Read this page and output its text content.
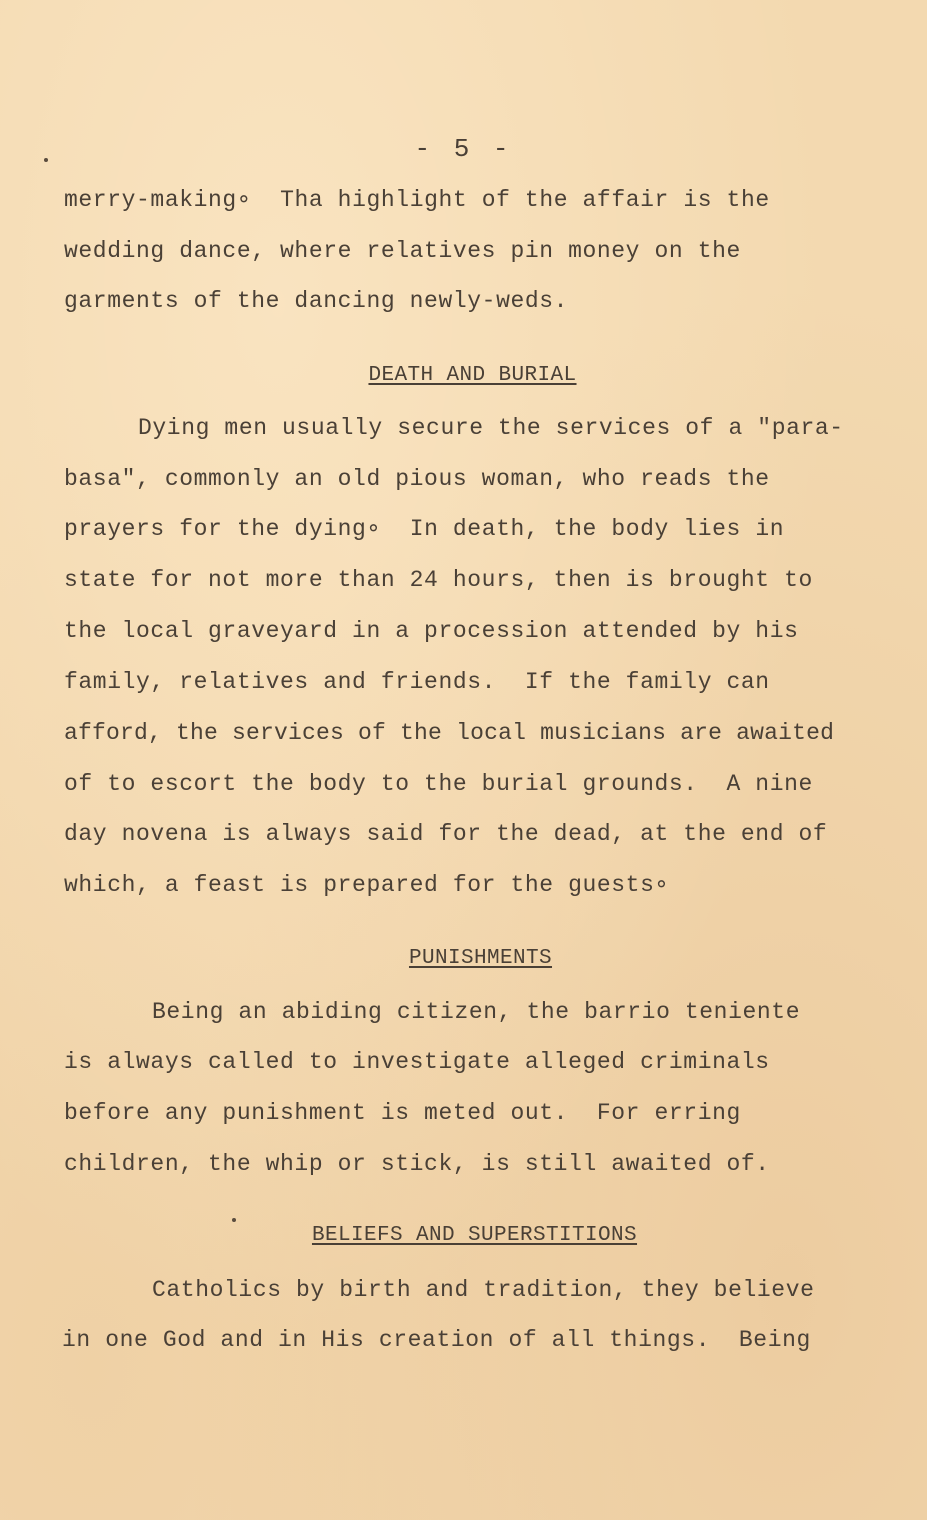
- 5 -
merry-making∘  Tha highlight of the affair is the
wedding dance, where relatives pin money on the
garments of the dancing newly-weds.
DEATH AND BURIAL
Dying men usually secure the services of a "para-
basa", commonly an old pious woman, who reads the
prayers for the dying∘  In death, the body lies in
state for not more than 24 hours, then is brought to
the local graveyard in a procession attended by his
family, relatives and friends.  If the family can
afford, the services of the local musicians are awaited
of to escort the body to the burial grounds.  A nine
day novena is always said for the dead, at the end of
which, a feast is prepared for the guests∘
PUNISHMENTS
Being an abiding citizen, the barrio teniente
is always called to investigate alleged criminals
before any punishment is meted out.  For erring
children, the whip or stick, is still awaited of.
BELIEFS AND SUPERSTITIONS
Catholics by birth and tradition, they believe
in one God and in His creation of all things.  Being
